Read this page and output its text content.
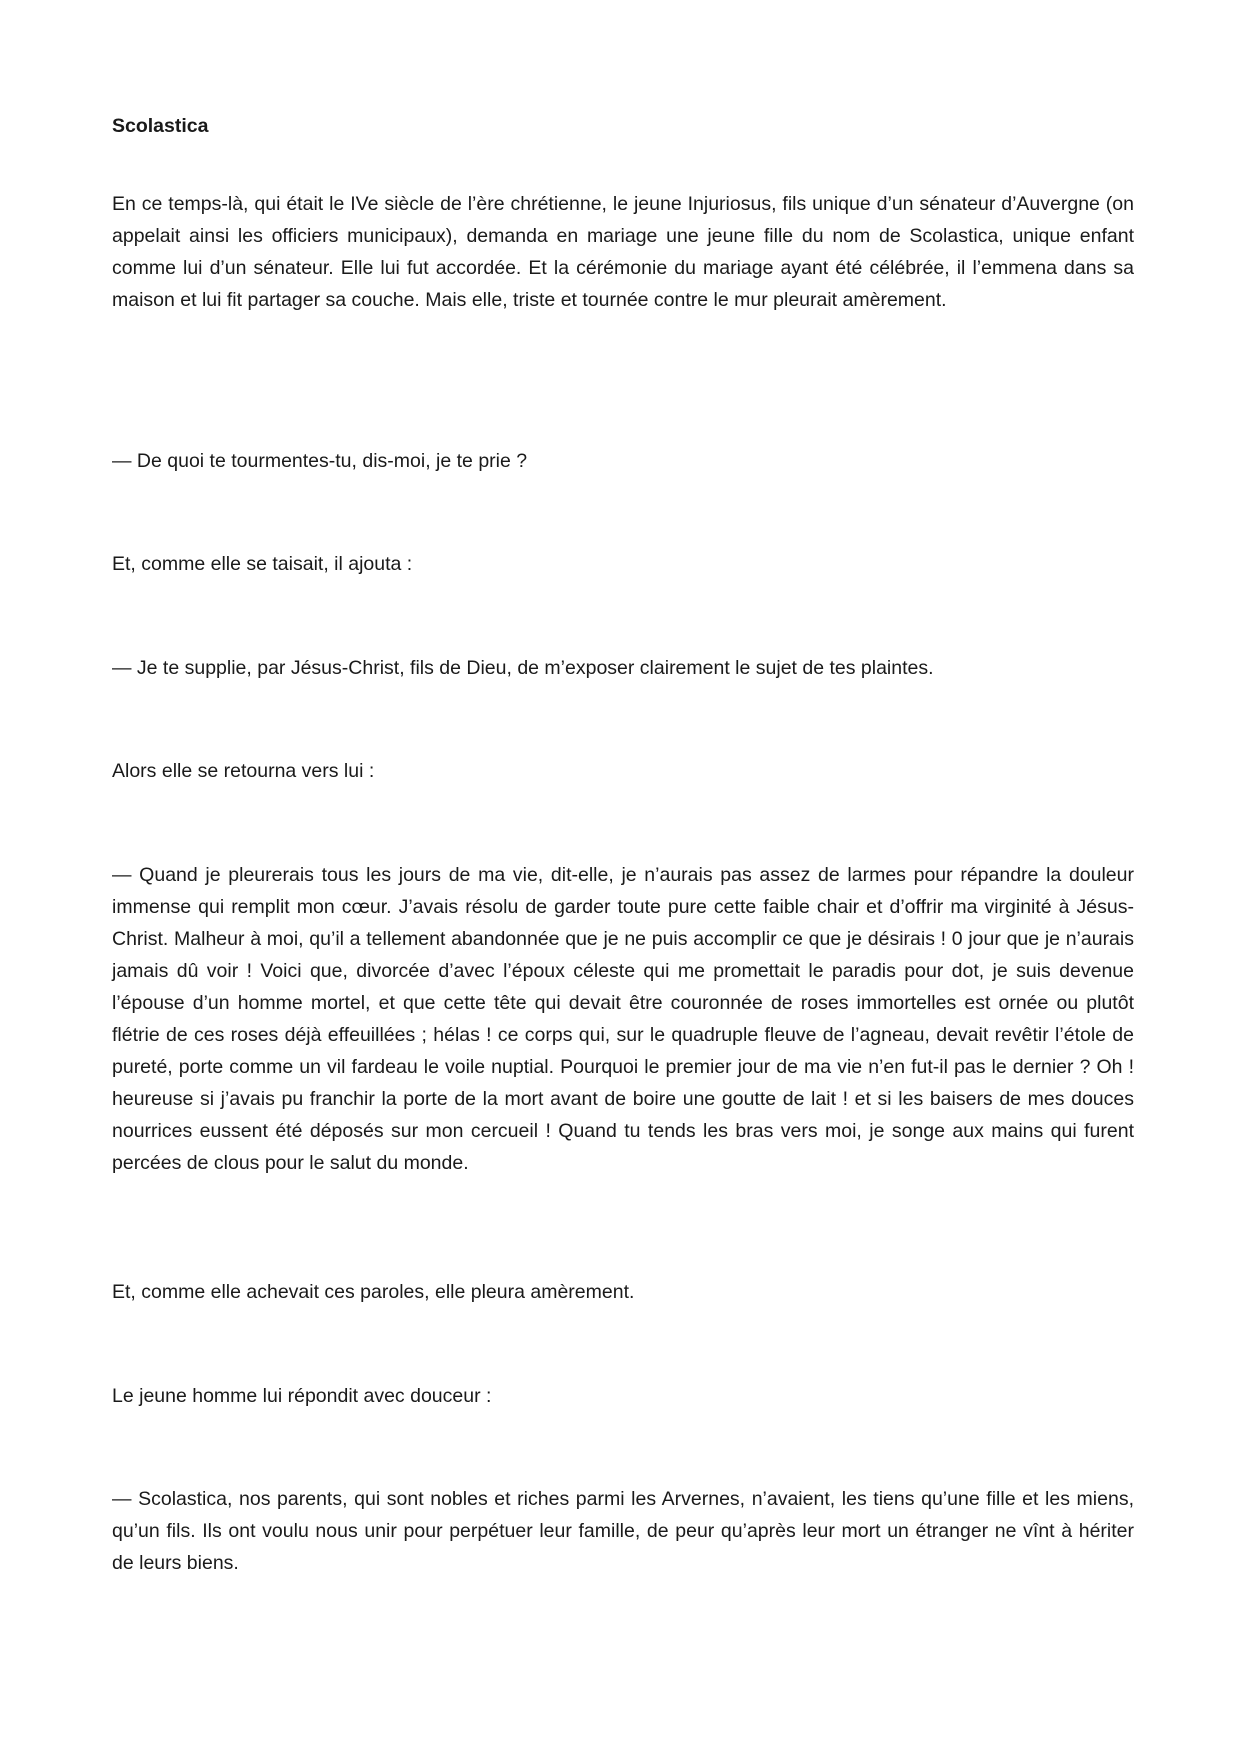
Scolastica

En ce temps-là, qui était le IVe siècle de l’ère chrétienne, le jeune Injuriosus, fils unique d’un sénateur d’Auvergne (on appelait ainsi les officiers municipaux), demanda en mariage une jeune fille du nom de Scolastica, unique enfant comme lui d’un sénateur. Elle lui fut accordée. Et la cérémonie du mariage ayant été célébrée, il l’emmena dans sa maison et lui fit partager sa couche. Mais elle, triste et tournée contre le mur pleurait amèrement.

— De quoi te tourmentes-tu, dis-moi, je te prie ?

Et, comme elle se taisait, il ajouta :

— Je te supplie, par Jésus-Christ, fils de Dieu, de m’exposer clairement le sujet de tes plaintes.

Alors elle se retourna vers lui :

— Quand je pleurerais tous les jours de ma vie, dit-elle, je n’aurais pas assez de larmes pour répandre la douleur immense qui remplit mon cœur. J’avais résolu de garder toute pure cette faible chair et d’offrir ma virginité à Jésus-Christ. Malheur à moi, qu’il a tellement abandonnée que je ne puis accomplir ce que je désirais ! 0 jour que je n’aurais jamais dû voir ! Voici que, divorcée d’avec l’époux céleste qui me promettait le paradis pour dot, je suis devenue l’épouse d’un homme mortel, et que cette tête qui devait être couronnée de roses immortelles est ornée ou plutôt flétrie de ces roses déjà effeuillées ; hélas ! ce corps qui, sur le quadruple fleuve de l’agneau, devait revêtir l’étole de pureté, porte comme un vil fardeau le voile nuptial. Pourquoi le premier jour de ma vie n’en fut-il pas le dernier ? Oh ! heureuse si j’avais pu franchir la porte de la mort avant de boire une goutte de lait ! et si les baisers de mes douces nourrices eussent été déposés sur mon cercueil ! Quand tu tends les bras vers moi, je songe aux mains qui furent percées de clous pour le salut du monde.

Et, comme elle achevait ces paroles, elle pleura amèrement.

Le jeune homme lui répondit avec douceur :

— Scolastica, nos parents, qui sont nobles et riches parmi les Arvernes, n’avaient, les tiens qu’une fille et les miens, qu’un fils. Ils ont voulu nous unir pour perpétuer leur famille, de peur qu’après leur mort un étranger ne vînt à hériter de leurs biens.
